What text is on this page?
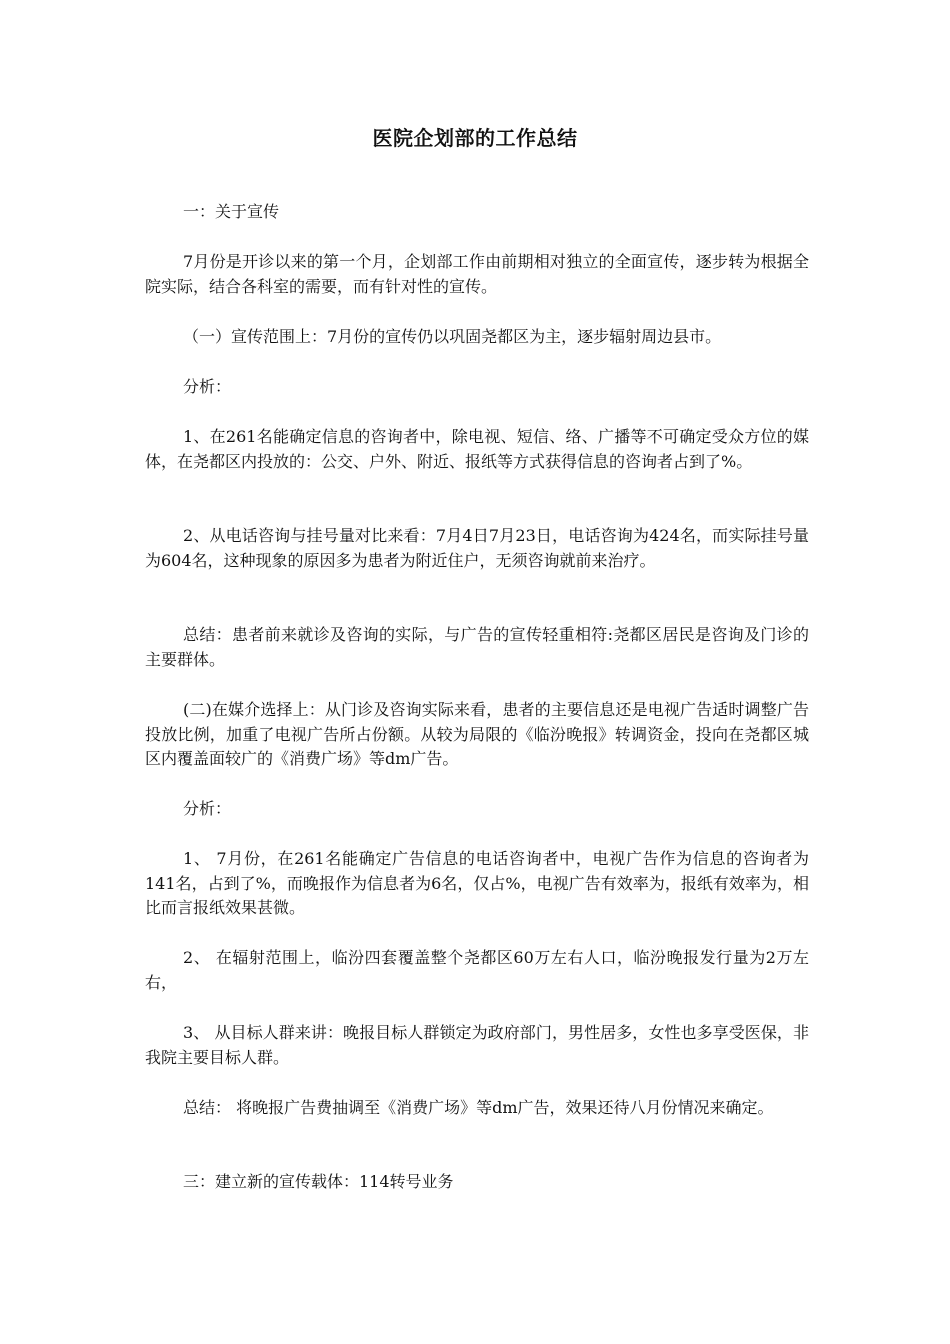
医院企划部的工作总结

一：关于宣传

7月份是开诊以来的第一个月，企划部工作由前期相对独立的全面宣传，逐步转为根据全院实际，结合各科室的需要，而有针对性的宣传。

（一）宣传范围上：7月份的宣传仍以巩固尧都区为主，逐步辐射周边县市。

分析：

1、在261名能确定信息的咨询者中，除电视、短信、络、广播等不可确定受众方位的媒体，在尧都区内投放的：公交、户外、附近、报纸等方式获得信息的咨询者占到了%。

2、从电话咨询与挂号量对比来看：7月4日7月23日，电话咨询为424名，而实际挂号量为604名，这种现象的原因多为患者为附近住户，无须咨询就前来治疗。

总结：患者前来就诊及咨询的实际，与广告的宣传轻重相符:尧都区居民是咨询及门诊的主要群体。

(二)在媒介选择上：从门诊及咨询实际来看，患者的主要信息还是电视广告适时调整广告投放比例，加重了电视广告所占份额。从较为局限的《临汾晚报》转调资金，投向在尧都区城区内覆盖面较广的《消费广场》等dm广告。

分析：

1、 7月份，在261名能确定广告信息的电话咨询者中，电视广告作为信息的咨询者为141名，占到了%，而晚报作为信息者为6名，仅占%，电视广告有效率为，报纸有效率为，相比而言报纸效果甚微。

2、 在辐射范围上，临汾四套覆盖整个尧都区60万左右人口，临汾晚报发行量为2万左右，

3、 从目标人群来讲：晚报目标人群锁定为政府部门，男性居多，女性也多享受医保，非我院主要目标人群。

总结： 将晚报广告费抽调至《消费广场》等dm广告，效果还待八月份情况来确定。

三：建立新的宣传载体：114转号业务
